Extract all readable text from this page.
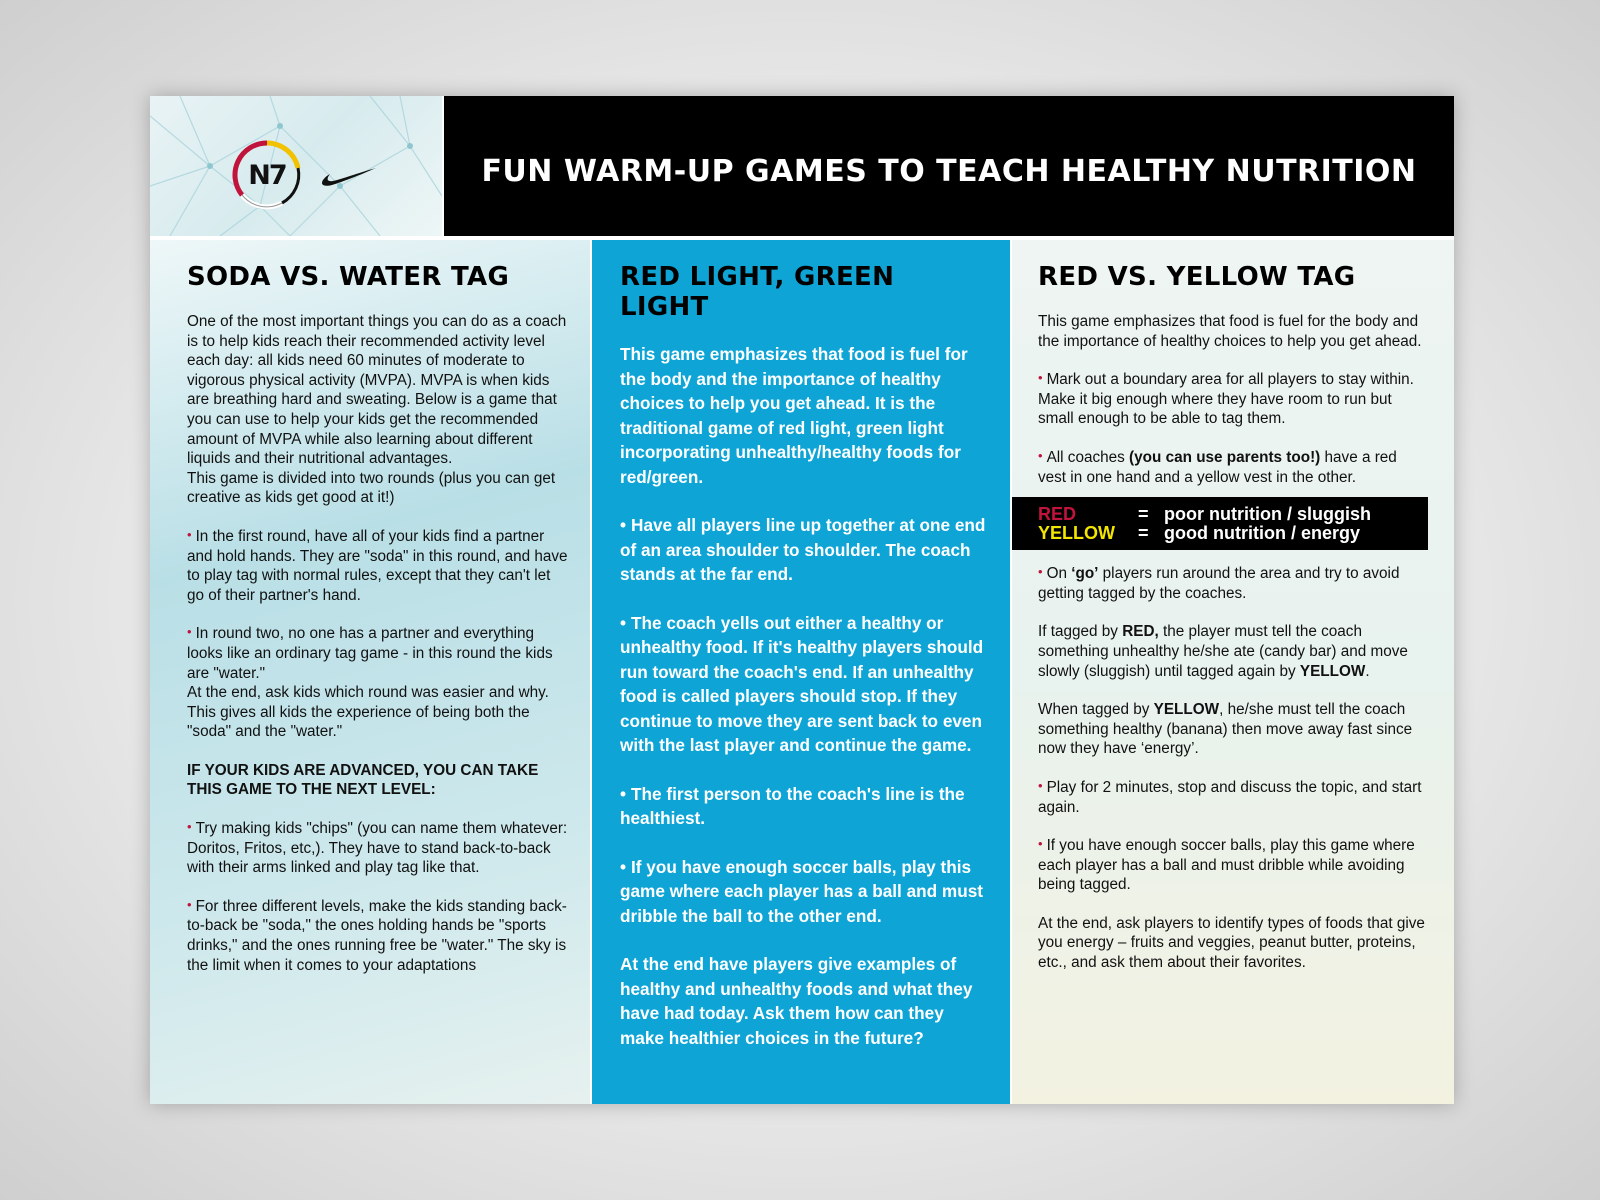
N7	FUN WARM-UP GAMES TO TEACH HEALTHY NUTRITION
SODA VS. WATER TAG

One of the most important things you can do as a coach is to help kids reach their recommended activity level each day: all kids need 60 minutes of moderate to vigorous physical activity (MVPA). MVPA is when kids are breathing hard and sweating. Below is a game that you can use to help your kids get the recommended amount of MVPA while also learning about different liquids and their nutritional advantages.

This game is divided into two rounds (plus you can get creative as kids get good at it!)

• In the first round, have all of your kids find a partner and hold hands. They are "soda" in this round, and have to play tag with normal rules, except that they can't let go of their partner's hand.

• In round two, no one has a partner and everything looks like an ordinary tag game - in this round the kids are "water."

At the end, ask kids which round was easier and why. This gives all kids the experience of being both the "soda" and the "water."

IF YOUR KIDS ARE ADVANCED, YOU CAN TAKE THIS GAME TO THE NEXT LEVEL:

• Try making kids "chips" (you can name them whatever: Doritos, Fritos, etc,). They have to stand back-to-back with their arms linked and play tag like that.

• For three different levels, make the kids standing back-to-back be "soda," the ones holding hands be "sports drinks," and the ones running free be "water." The sky is the limit when it comes to your adaptations

RED LIGHT, GREEN LIGHT

This game emphasizes that food is fuel for the body and the importance of healthy choices to help you get ahead. It is the traditional game of red light, green light incorporating unhealthy/healthy foods for red/green.

• Have all players line up together at one end of an area shoulder to shoulder. The coach stands at the far end.

• The coach yells out either a healthy or unhealthy food. If it's healthy players should run toward the coach's end. If an unhealthy food is called players should stop. If they continue to move they are sent back to even with the last player and continue the game.

• The first person to the coach's line is the healthiest.

• If you have enough soccer balls, play this game where each player has a ball and must dribble the ball to the other end.

At the end have players give examples of healthy and unhealthy foods and what they have had today. Ask them how can they make healthier choices in the future?

RED VS. YELLOW TAG

This game emphasizes that food is fuel for the body and the importance of healthy choices to help you get ahead.

• Mark out a boundary area for all players to stay within. Make it big enough where they have room to run but small enough to be able to tag them.

• All coaches (you can use parents too!) have a red vest in one hand and a yellow vest in the other.

RED	= poor nutrition / sluggish
YELLOW	= good nutrition / energy

• On ‘go’ players run around the area and try to avoid getting tagged by the coaches.

If tagged by RED, the player must tell the coach something unhealthy he/she ate (candy bar) and move slowly (sluggish) until tagged again by YELLOW.

When tagged by YELLOW, he/she must tell the coach something healthy (banana) then move away fast since now they have ‘energy’.

• Play for 2 minutes, stop and discuss the topic, and start again.

• If you have enough soccer balls, play this game where each player has a ball and must dribble while avoiding being tagged.

At the end, ask players to identify types of foods that give you energy – fruits and veggies, peanut butter, proteins, etc., and ask them about their favorites.
